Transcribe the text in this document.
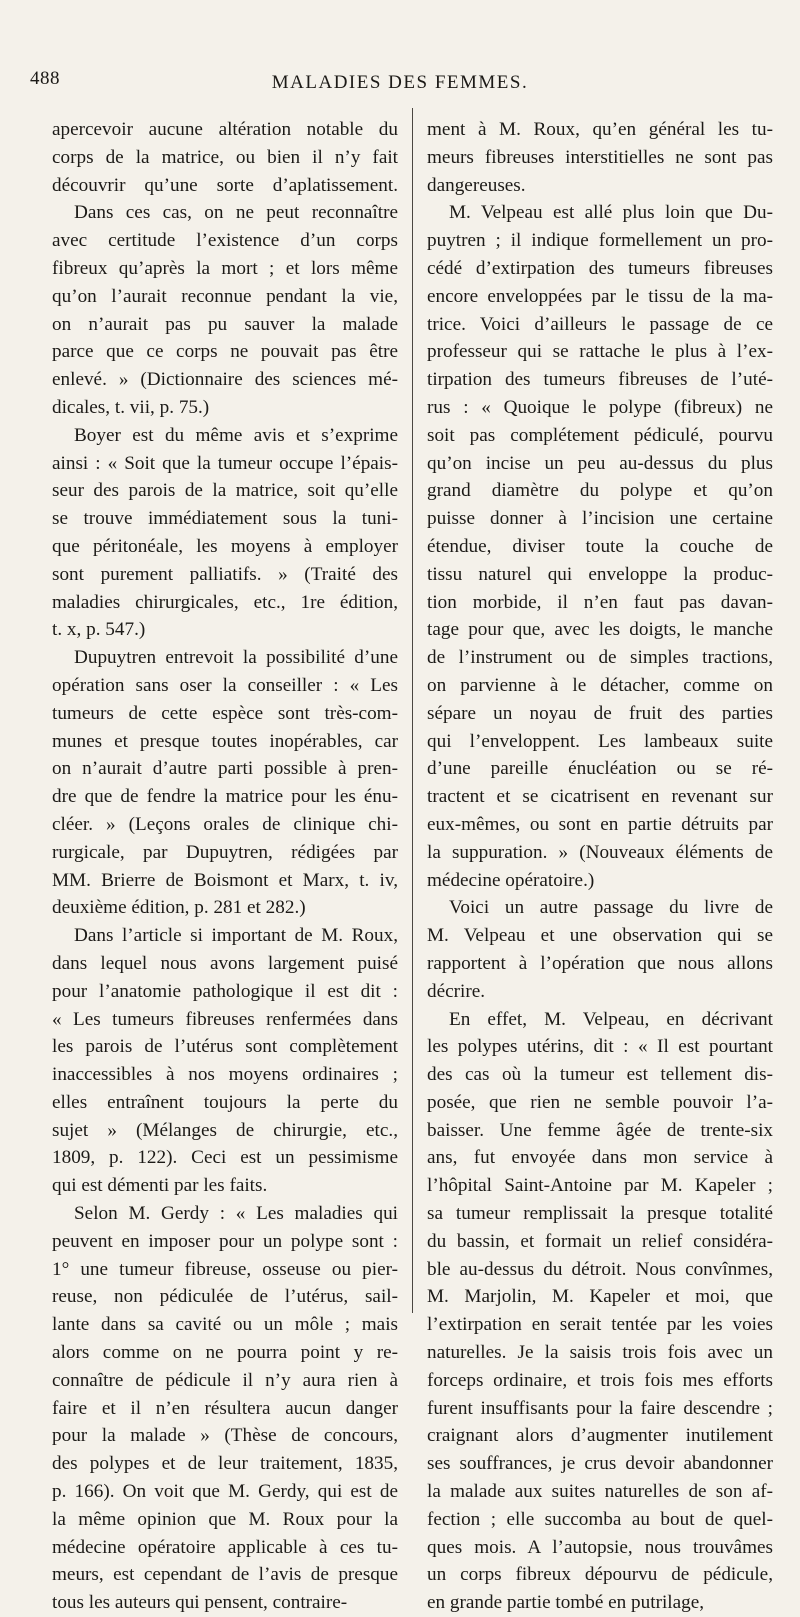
488	MALADIES DES FEMMES.
apercevoir aucune altération notable du
corps de la matrice, ou bien il n’y fait
découvrir qu’une sorte d’aplatissement.
Dans ces cas, on ne peut reconnaître
avec certitude l’existence d’un corps
fibreux qu’après la mort ; et lors même
qu’on l’aurait reconnue pendant la vie,
on n’aurait pas pu sauver la malade
parce que ce corps ne pouvait pas être
enlevé. » (Dictionnaire des sciences mé-
dicales, t. vii, p. 75.)
Boyer est du même avis et s’exprime
ainsi : « Soit que la tumeur occupe l’épais-
seur des parois de la matrice, soit qu’elle
se trouve immédiatement sous la tuni-
que péritonéale, les moyens à employer
sont purement palliatifs. » (Traité des
maladies chirurgicales, etc., 1re édition,
t. x, p. 547.)
Dupuytren entrevoit la possibilité d’une
opération sans oser la conseiller : « Les
tumeurs de cette espèce sont très-com-
munes et presque toutes inopérables, car
on n’aurait d’autre parti possible à pren-
dre que de fendre la matrice pour les énu-
cléer. » (Leçons orales de clinique chi-
rurgicale, par Dupuytren, rédigées par
MM. Brierre de Boismont et Marx, t. iv,
deuxième édition, p. 281 et 282.)
Dans l’article si important de M. Roux,
dans lequel nous avons largement puisé
pour l’anatomie pathologique il est dit :
« Les tumeurs fibreuses renfermées dans
les parois de l’utérus sont complètement
inaccessibles à nos moyens ordinaires ;
elles entraînent toujours la perte du
sujet » (Mélanges de chirurgie, etc.,
1809, p. 122). Ceci est un pessimisme
qui est démenti par les faits.
Selon M. Gerdy : « Les maladies qui
peuvent en imposer pour un polype sont :
1° une tumeur fibreuse, osseuse ou pier-
reuse, non pédiculée de l’utérus, sail-
lante dans sa cavité ou un môle ; mais
alors comme on ne pourra point y re-
connaître de pédicule il n’y aura rien à
faire et il n’en résultera aucun danger
pour la malade » (Thèse de concours,
des polypes et de leur traitement, 1835,
p. 166). On voit que M. Gerdy, qui est de
la même opinion que M. Roux pour la
médecine opératoire applicable à ces tu-
meurs, est cependant de l’avis de presque
tous les auteurs qui pensent, contraire-
ment à M. Roux, qu’en général les tu-
meurs fibreuses interstitielles ne sont pas
dangereuses.
M. Velpeau est allé plus loin que Du-
puytren ; il indique formellement un pro-
cédé d’extirpation des tumeurs fibreuses
encore enveloppées par le tissu de la ma-
trice. Voici d’ailleurs le passage de ce
professeur qui se rattache le plus à l’ex-
tirpation des tumeurs fibreuses de l’uté-
rus : « Quoique le polype (fibreux) ne
soit pas complétement pédiculé, pourvu
qu’on incise un peu au-dessus du plus
grand diamètre du polype et qu’on
puisse donner à l’incision une certaine
étendue, diviser toute la couche de
tissu naturel qui enveloppe la produc-
tion morbide, il n’en faut pas davan-
tage pour que, avec les doigts, le manche
de l’instrument ou de simples tractions,
on parvienne à le détacher, comme on
sépare un noyau de fruit des parties
qui l’enveloppent. Les lambeaux suite
d’une pareille énucléation ou se ré-
tractent et se cicatrisent en revenant sur
eux-mêmes, ou sont en partie détruits par
la suppuration. » (Nouveaux éléments de
médecine opératoire.)
Voici un autre passage du livre de
M. Velpeau et une observation qui se
rapportent à l’opération que nous allons
décrire.
En effet, M. Velpeau, en décrivant
les polypes utérins, dit : « Il est pourtant
des cas où la tumeur est tellement dis-
posée, que rien ne semble pouvoir l’a-
baisser. Une femme âgée de trente-six
ans, fut envoyée dans mon service à
l’hôpital Saint-Antoine par M. Kapeler ;
sa tumeur remplissait la presque totalité
du bassin, et formait un relief considéra-
ble au-dessus du détroit. Nous convînmes,
M. Marjolin, M. Kapeler et moi, que
l’extirpation en serait tentée par les voies
naturelles. Je la saisis trois fois avec un
forceps ordinaire, et trois fois mes efforts
furent insuffisants pour la faire descendre ;
craignant alors d’augmenter inutilement
ses souffrances, je crus devoir abandonner
la malade aux suites naturelles de son af-
fection ; elle succomba au bout de quel-
ques mois. A l’autopsie, nous trouvâmes
un corps fibreux dépourvu de pédicule,
en grande partie tombé en putrilage,
